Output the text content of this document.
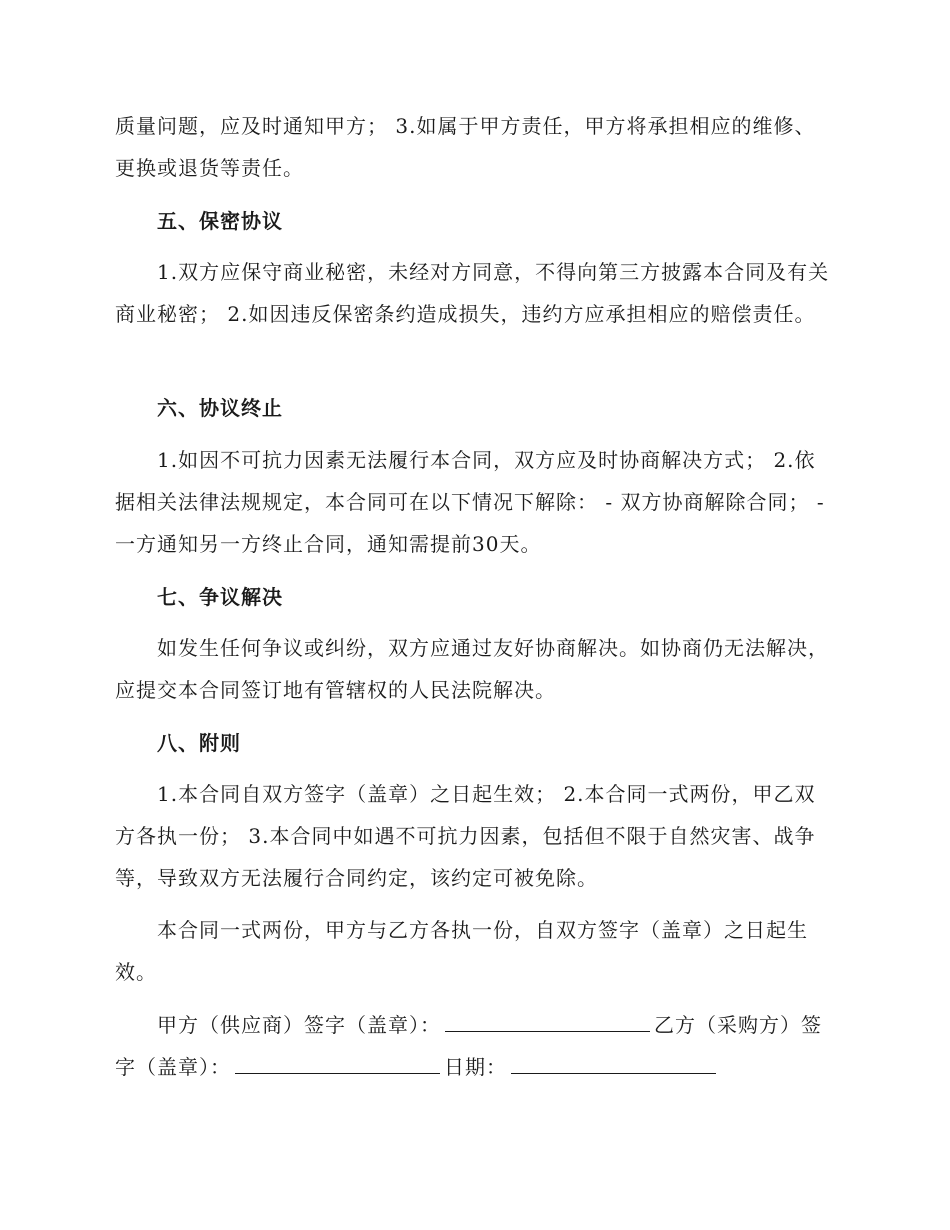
质量问题，应及时通知甲方； 3.如属于甲方责任，甲方将承担相应的维修、更换或退货等责任。

五、保密协议

1.双方应保守商业秘密，未经对方同意，不得向第三方披露本合同及有关商业秘密； 2.如因违反保密条约造成损失，违约方应承担相应的赔偿责任。

六、协议终止

1.如因不可抗力因素无法履行本合同，双方应及时协商解决方式； 2.依据相关法律法规规定，本合同可在以下情况下解除： - 双方协商解除合同； - 一方通知另一方终止合同，通知需提前30天。

七、争议解决

如发生任何争议或纠纷，双方应通过友好协商解决。如协商仍无法解决，应提交本合同签订地有管辖权的人民法院解决。

八、附则

1.本合同自双方签字（盖章）之日起生效； 2.本合同一式两份，甲乙双方各执一份； 3.本合同中如遇不可抗力因素，包括但不限于自然灾害、战争等，导致双方无法履行合同约定，该约定可被免除。

本合同一式两份，甲方与乙方各执一份，自双方签字（盖章）之日起生效。

甲方（供应商）签字（盖章）：	乙方（采购方）签字（盖章）：	日期：
